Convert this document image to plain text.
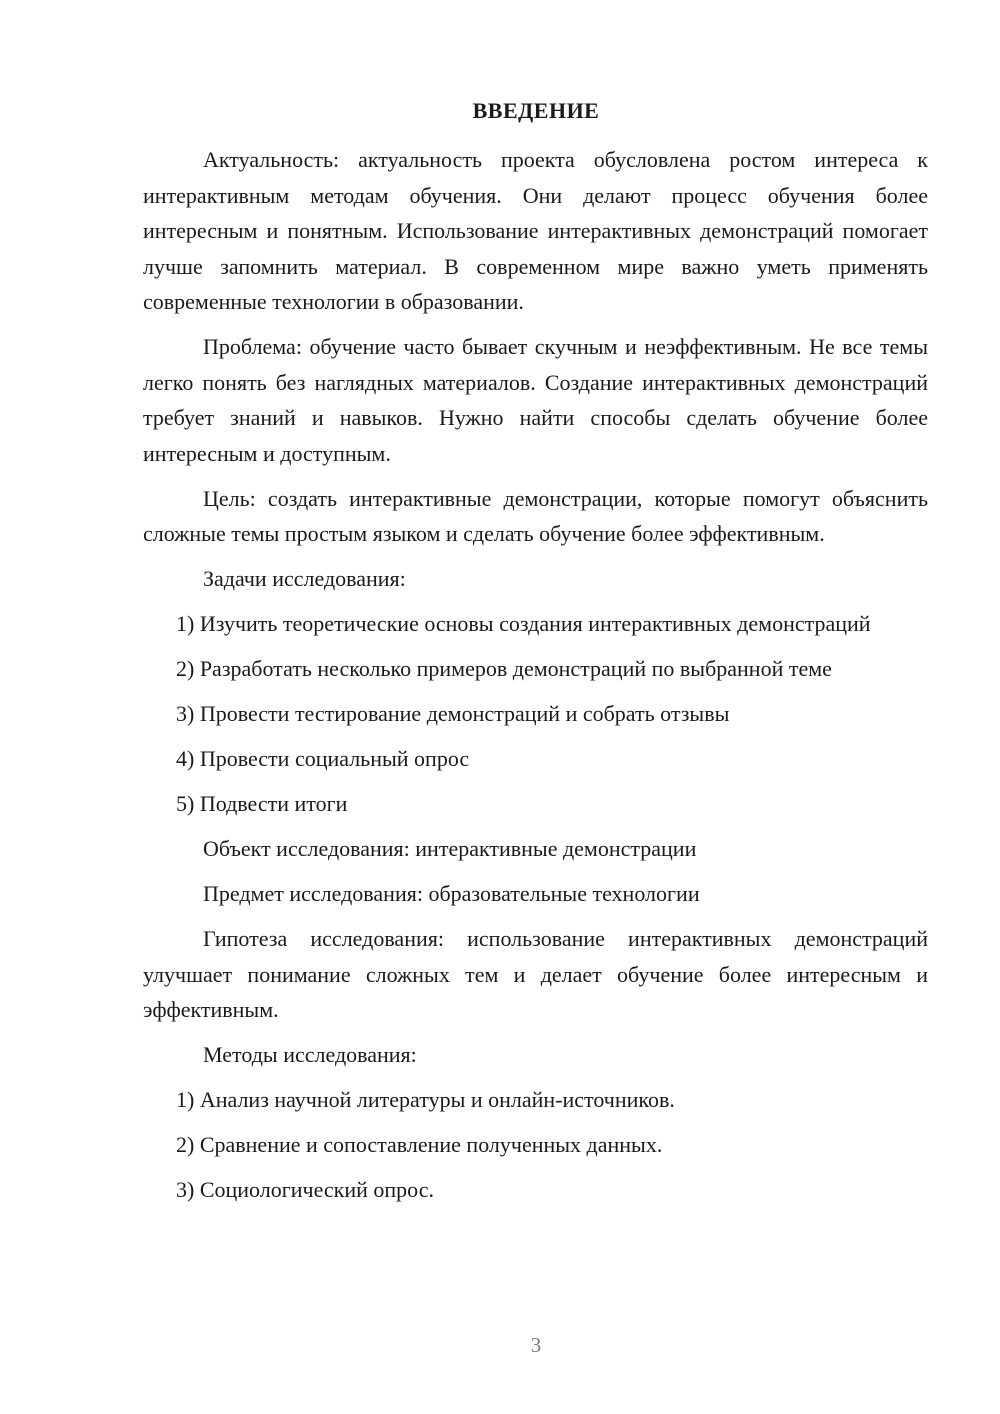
ВВЕДЕНИЕ

Актуальность: актуальность проекта обусловлена ростом интереса к интерактивным методам обучения. Они делают процесс обучения более интересным и понятным. Использование интерактивных демонстраций помогает лучше запомнить материал. В современном мире важно уметь применять современные технологии в образовании.

Проблема: обучение часто бывает скучным и неэффективным. Не все темы легко понять без наглядных материалов. Создание интерактивных демонстраций требует знаний и навыков. Нужно найти способы сделать обучение более интересным и доступным.

Цель: создать интерактивные демонстрации, которые помогут объяснить сложные темы простым языком и сделать обучение более эффективным.

Задачи исследования:

1) Изучить теоретические основы создания интерактивных демонстраций

2) Разработать несколько примеров демонстраций по выбранной теме

3) Провести тестирование демонстраций и собрать отзывы

4) Провести социальный опрос

5) Подвести итоги

Объект исследования: интерактивные демонстрации

Предмет исследования: образовательные технологии

Гипотеза исследования: использование интерактивных демонстраций улучшает понимание сложных тем и делает обучение более интересным и эффективным.

Методы исследования:

1) Анализ научной литературы и онлайн-источников.

2) Сравнение и сопоставление полученных данных.

3) Социологический опрос.

3
